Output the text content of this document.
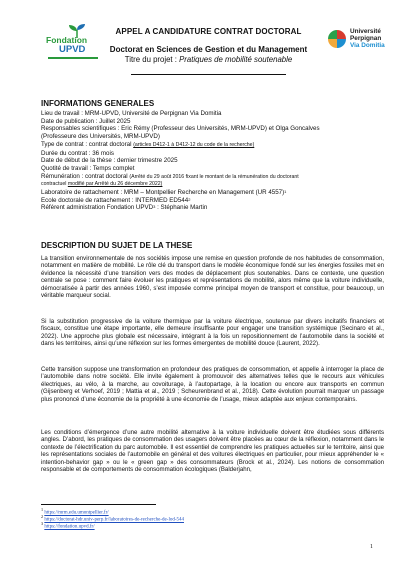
Fondation
UPVD
Université
Perpignan
Via Domitia
APPEL A CANDIDATURE CONTRAT DOCTORAL
Doctorat en Sciences de Gestion et du Management
Titre du projet : Pratiques de mobilité soutenable
INFORMATIONS GENERALES
Lieu de travail : MRM-UPVD, Université de Perpignan Via Domitia
Date de publication : Juillet 2025
Responsables scientifiques : Eric Rémy (Professeur des Universités, MRM-UPVD) et Olga Goncalves
(Professeure des Universités, MRM-UPVD)
Type de contrat : contrat doctoral (articles D412-1 à D412-12 du code de la recherche)
Durée du contrat : 36 mois
Date de début de la thèse : dernier trimestre 2025
Quotité de travail : Temps complet
Rémunération : contrat doctoral (Arrêté du 29 août 2016 fixant le montant de la rémunération du doctorant
contractuel modifié par Arrêté du 26 décembre 2022)
Laboratoire de rattachement : MRM – Montpellier Recherche en Management (UR 4557)$^1$
Ecole doctorale de rattachement : INTERMED $ED544^2$
Référent administration Fondation UPVD$^3$ : Stéphanie Martin
DESCRIPTION DU SUJET DE LA THESE

La transition environnementale de nos sociétés impose une remise en question profonde de nos habitudes de consommation, notamment en matière de mobilité. Le rôle clé du transport dans le modèle économique fondé sur les énergies fossiles met en évidence la nécessité d’une transition vers des modes de déplacement plus soutenables. Dans ce contexte, une question centrale se pose : comment faire évoluer les pratiques et représentations de mobilité, alors même que la voiture individuelle, démocratisée à partir des années 1960, s’est imposée comme principal moyen de transport et constitue, pour beaucoup, un véritable marqueur social.

Si la substitution progressive de la voiture thermique par la voiture électrique, soutenue par divers incitatifs financiers et fiscaux, constitue une étape importante, elle demeure insuffisante pour engager une transition systémique (Secinaro et al., 2022). Une approche plus globale est nécessaire, intégrant à la fois un repositionnement de l’automobile dans la société et dans les territoires, ainsi qu’une réflexion sur les formes émergentes de mobilité douce (Laurent, 2022).

Cette transition suppose une transformation en profondeur des pratiques de consommation, et appelle à interroger la place de l’automobile dans notre société. Elle invite également à promouvoir des alternatives telles que le recours aux véhicules électriques, au vélo, à la marche, au covoiturage, à l’autopartage, à la location ou encore aux transports en commun (Gijsenberg et Verhoef, 2019 ; Mattia et al., 2019 ; Scheurenbrand et al., 2018). Cette évolution pourrait marquer un passage plus prononcé d’une économie de la propriété à une économie de l’usage, mieux adaptée aux enjeux contemporains.

Les conditions d’émergence d’une autre mobilité alternative à la voiture individuelle doivent être étudiées sous différents angles. D’abord, les pratiques de consommation des usagers doivent être placées au cœur de la réflexion, notamment dans le contexte de l’électrification du parc automobile. Il est essentiel de comprendre les pratiques actuelles sur le territoire, ainsi que les représentations sociales de l’automobile en général et des voitures électriques en particulier, pour mieux appréhender le « intention-behavior gap » ou le « green gap » des consommateurs (Brock et al., 2024). Les notions de consommation responsable et de comportements de consommation écologiques (Balderjahn,

$^1$ https://mrm.edu.umontpellier.fr/
$^2$ https://doctorat-hdr.univ-perp.fr/laboratoires-de-recherche-de-lod-544
$^3$ https://fondation.upvd.fr/
1
